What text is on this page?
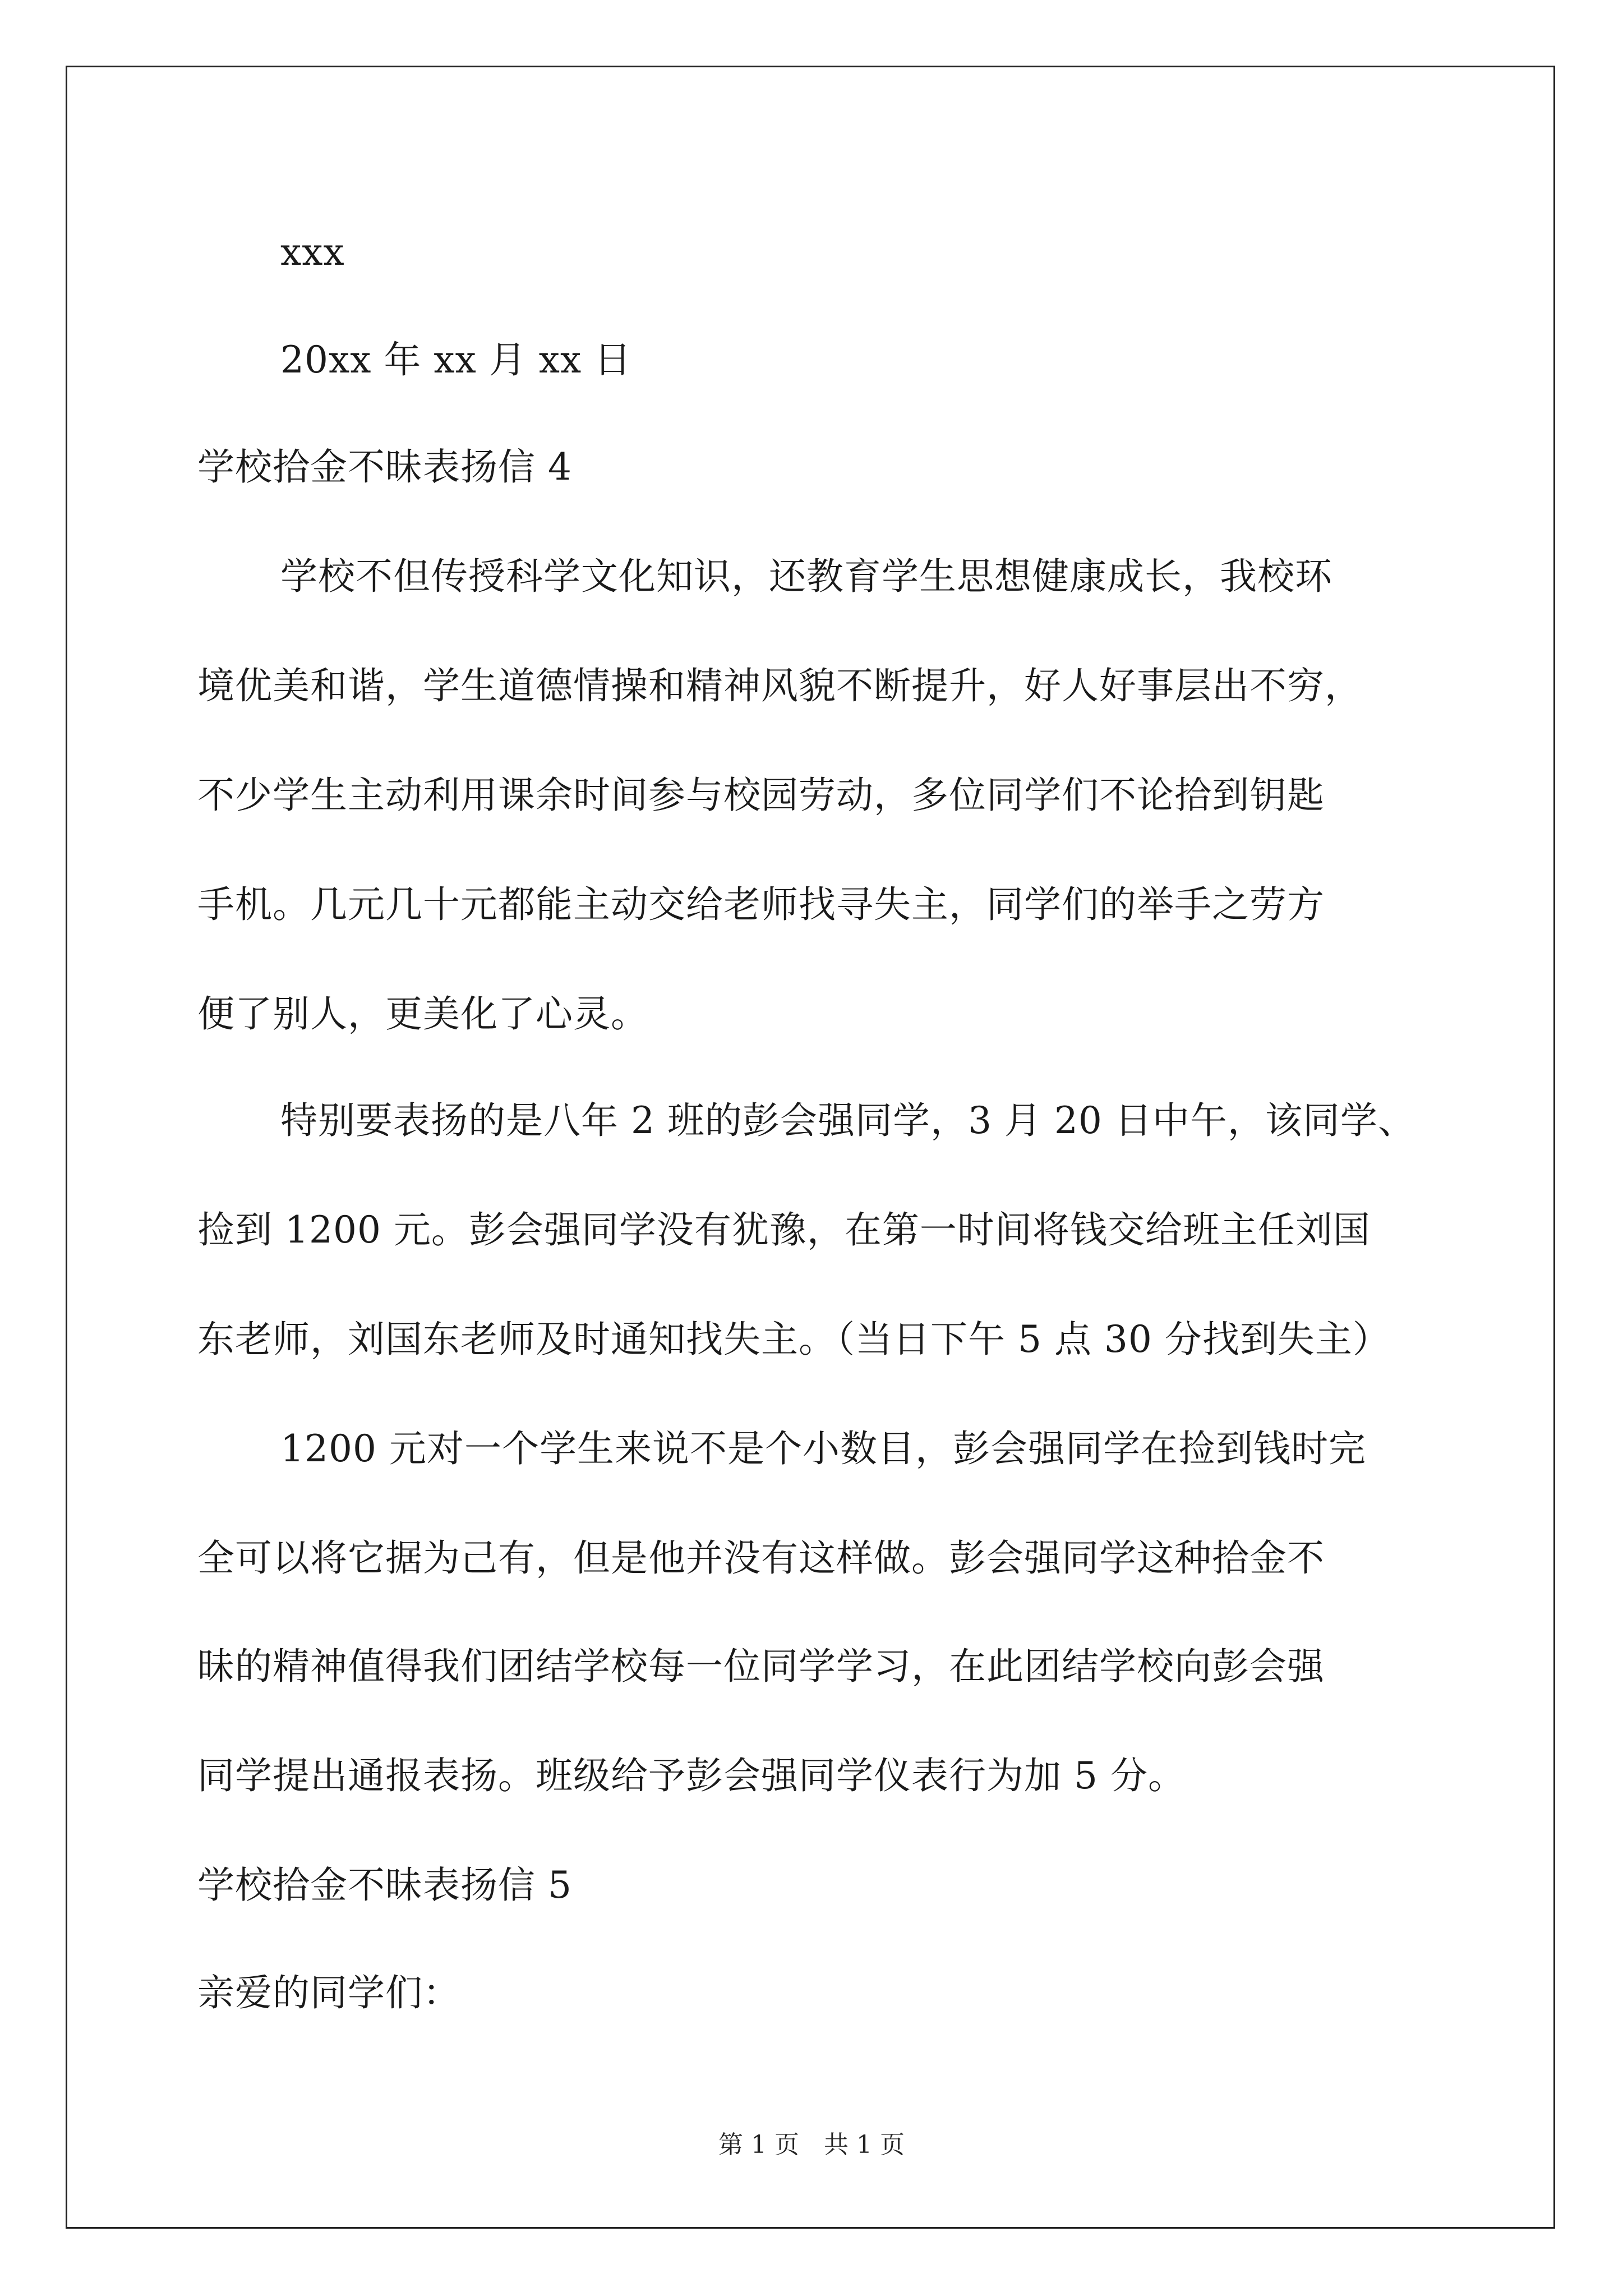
xxx
20xx 年 xx 月 xx 日
学校拾金不昧表扬信 4
学校不但传授科学文化知识，还教育学生思想健康成长，我校环
境优美和谐，学生道德情操和精神风貌不断提升，好人好事层出不穷，
不少学生主动利用课余时间参与校园劳动，多位同学们不论拾到钥匙
手机。几元几十元都能主动交给老师找寻失主，同学们的举手之劳方
便了别人，更美化了心灵。
特别要表扬的是八年 2 班的彭会强同学，3 月 20 日中午，该同学、
捡到 1200 元。彭会强同学没有犹豫，在第一时间将钱交给班主任刘国
东老师，刘国东老师及时通知找失主。（当日下午 5 点 30 分找到失主）
1200 元对一个学生来说不是个小数目，彭会强同学在捡到钱时完
全可以将它据为己有，但是他并没有这样做。彭会强同学这种拾金不
昧的精神值得我们团结学校每一位同学学习，在此团结学校向彭会强
同学提出通报表扬。班级给予彭会强同学仪表行为加 5 分。
学校拾金不昧表扬信 5
亲爱的同学们：
第 1 页　共 1 页
